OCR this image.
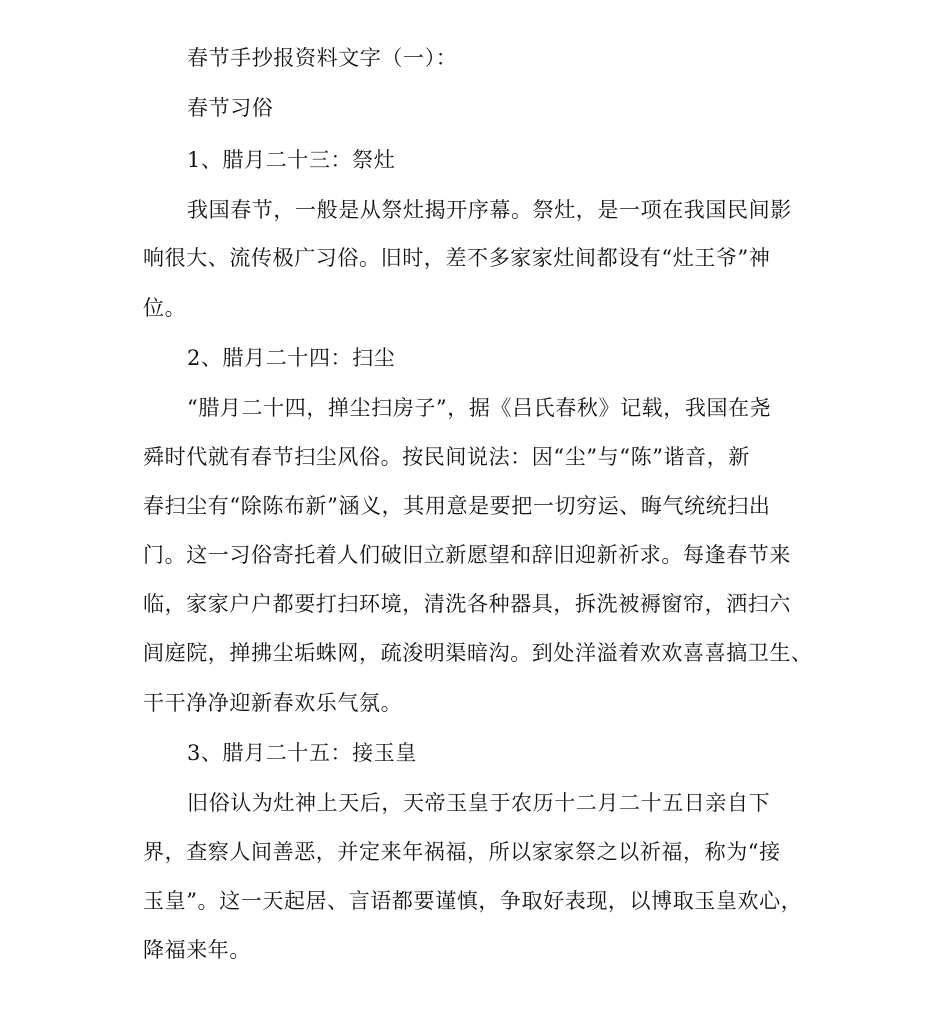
春节手抄报资料文字（一）：
春节习俗
1、腊月二十三：祭灶
我国春节，一般是从祭灶揭开序幕。祭灶，是一项在我国民间影
响很大、流传极广习俗。旧时，差不多家家灶间都设有“灶王爷”神
位。
2、腊月二十四：扫尘
“腊月二十四，掸尘扫房子”，据《吕氏春秋》记载，我国在尧
舜时代就有春节扫尘风俗。按民间说法：因“尘”与“陈”谐音，新
春扫尘有“除陈布新”涵义，其用意是要把一切穷运、晦气统统扫出
门。这一习俗寄托着人们破旧立新愿望和辞旧迎新祈求。每逢春节来
临，家家户户都要打扫环境，清洗各种器具，拆洗被褥窗帘，洒扫六
闾庭院，掸拂尘垢蛛网，疏浚明渠暗沟。到处洋溢着欢欢喜喜搞卫生、
干干净净迎新春欢乐气氛。
3、腊月二十五：接玉皇
旧俗认为灶神上天后，天帝玉皇于农历十二月二十五日亲自下
界，查察人间善恶，并定来年祸福，所以家家祭之以祈福，称为“接
玉皇”。这一天起居、言语都要谨慎，争取好表现，以博取玉皇欢心，
降福来年。
